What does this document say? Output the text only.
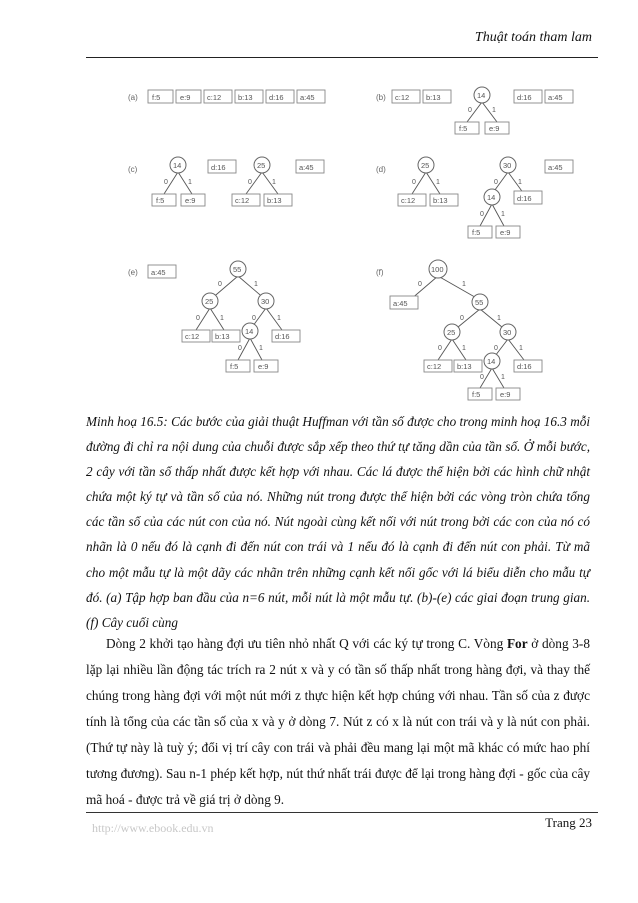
Thuật toán tham lam
(a)	(b)
(c)	(d)
(e)	(f)
f:5	e:9 c:12 b:13 d:16 a:45	c:12 b:13	14
0	1
f:5	e:9
d:16 a:45
14
0	1
f:5	e:9
d:16	25
0	1
c:12 b:13
a:45	25
0	1
c:12 b:13
30
0	1
14
0 1
f:5	e:9
d:16
a:45
a:45	55
0	1
25
0	1
c:12 b:13
30
0	1
14
0 1
f:5	e:9
d:16
100
0	1
a:45	55
0	1
25
0	1
c:12 b:13
30
0	1
14
0 1
f:5	e:9
d:16
Minh hoạ 16.5: Các bước của giải thuật Huffman với tần số được cho trong minh hoạ 16.3 mỗi đường đi chỉ ra nội dung của chuỗi được sắp xếp theo thứ tự tăng dần của tần số. Ở mỗi bước, 2 cây với tần số thấp nhất được kết hợp với nhau. Các lá được thể hiện bởi các hình chữ nhật chứa một ký tự và tần số của nó. Những nút trong được thể hiện bởi các vòng tròn chứa tổng các tần số của các nút con của nó. Nút ngoài cùng kết nối với nút trong bởi các con của nó có nhãn là 0 nếu đó là cạnh đi đến nút con trái và 1 nếu đó là cạnh đi đến nút con phải. Từ mã cho một mẫu tự là một dãy các nhãn trên những cạnh kết nối gốc với lá biểu diễn cho mẫu tự đó. (a) Tập hợp ban đầu của n=6 nút, mỗi nút là một mẫu tự. (b)-(e) các giai đoạn trung gian. (f) Cây cuối cùng

Dòng 2 khởi tạo hàng đợi ưu tiên nhỏ nhất Q với các ký tự trong C. Vòng For ở dòng 3-8 lặp lại nhiều lần động tác trích ra 2 nút x và y có tần số thấp nhất trong hàng đợi, và thay thế chúng trong hàng đợi với một nút mới z thực hiện kết hợp chúng với nhau. Tần số của z được tính là tổng của các tần số của x và y ở dòng 7. Nút z có x là nút con trái và y là nút con phải. (Thứ tự này là tuỳ ý; đổi vị trí cây con trái và phải đều mang lại một mã khác có mức hao phí tương đương). Sau n-1 phép kết hợp, nút thứ nhất trái được để lại trong hàng đợi - gốc của cây mã hoá - được trả về giá trị ở dòng 9.

http://www.ebook.edu.vn	Trang 23
